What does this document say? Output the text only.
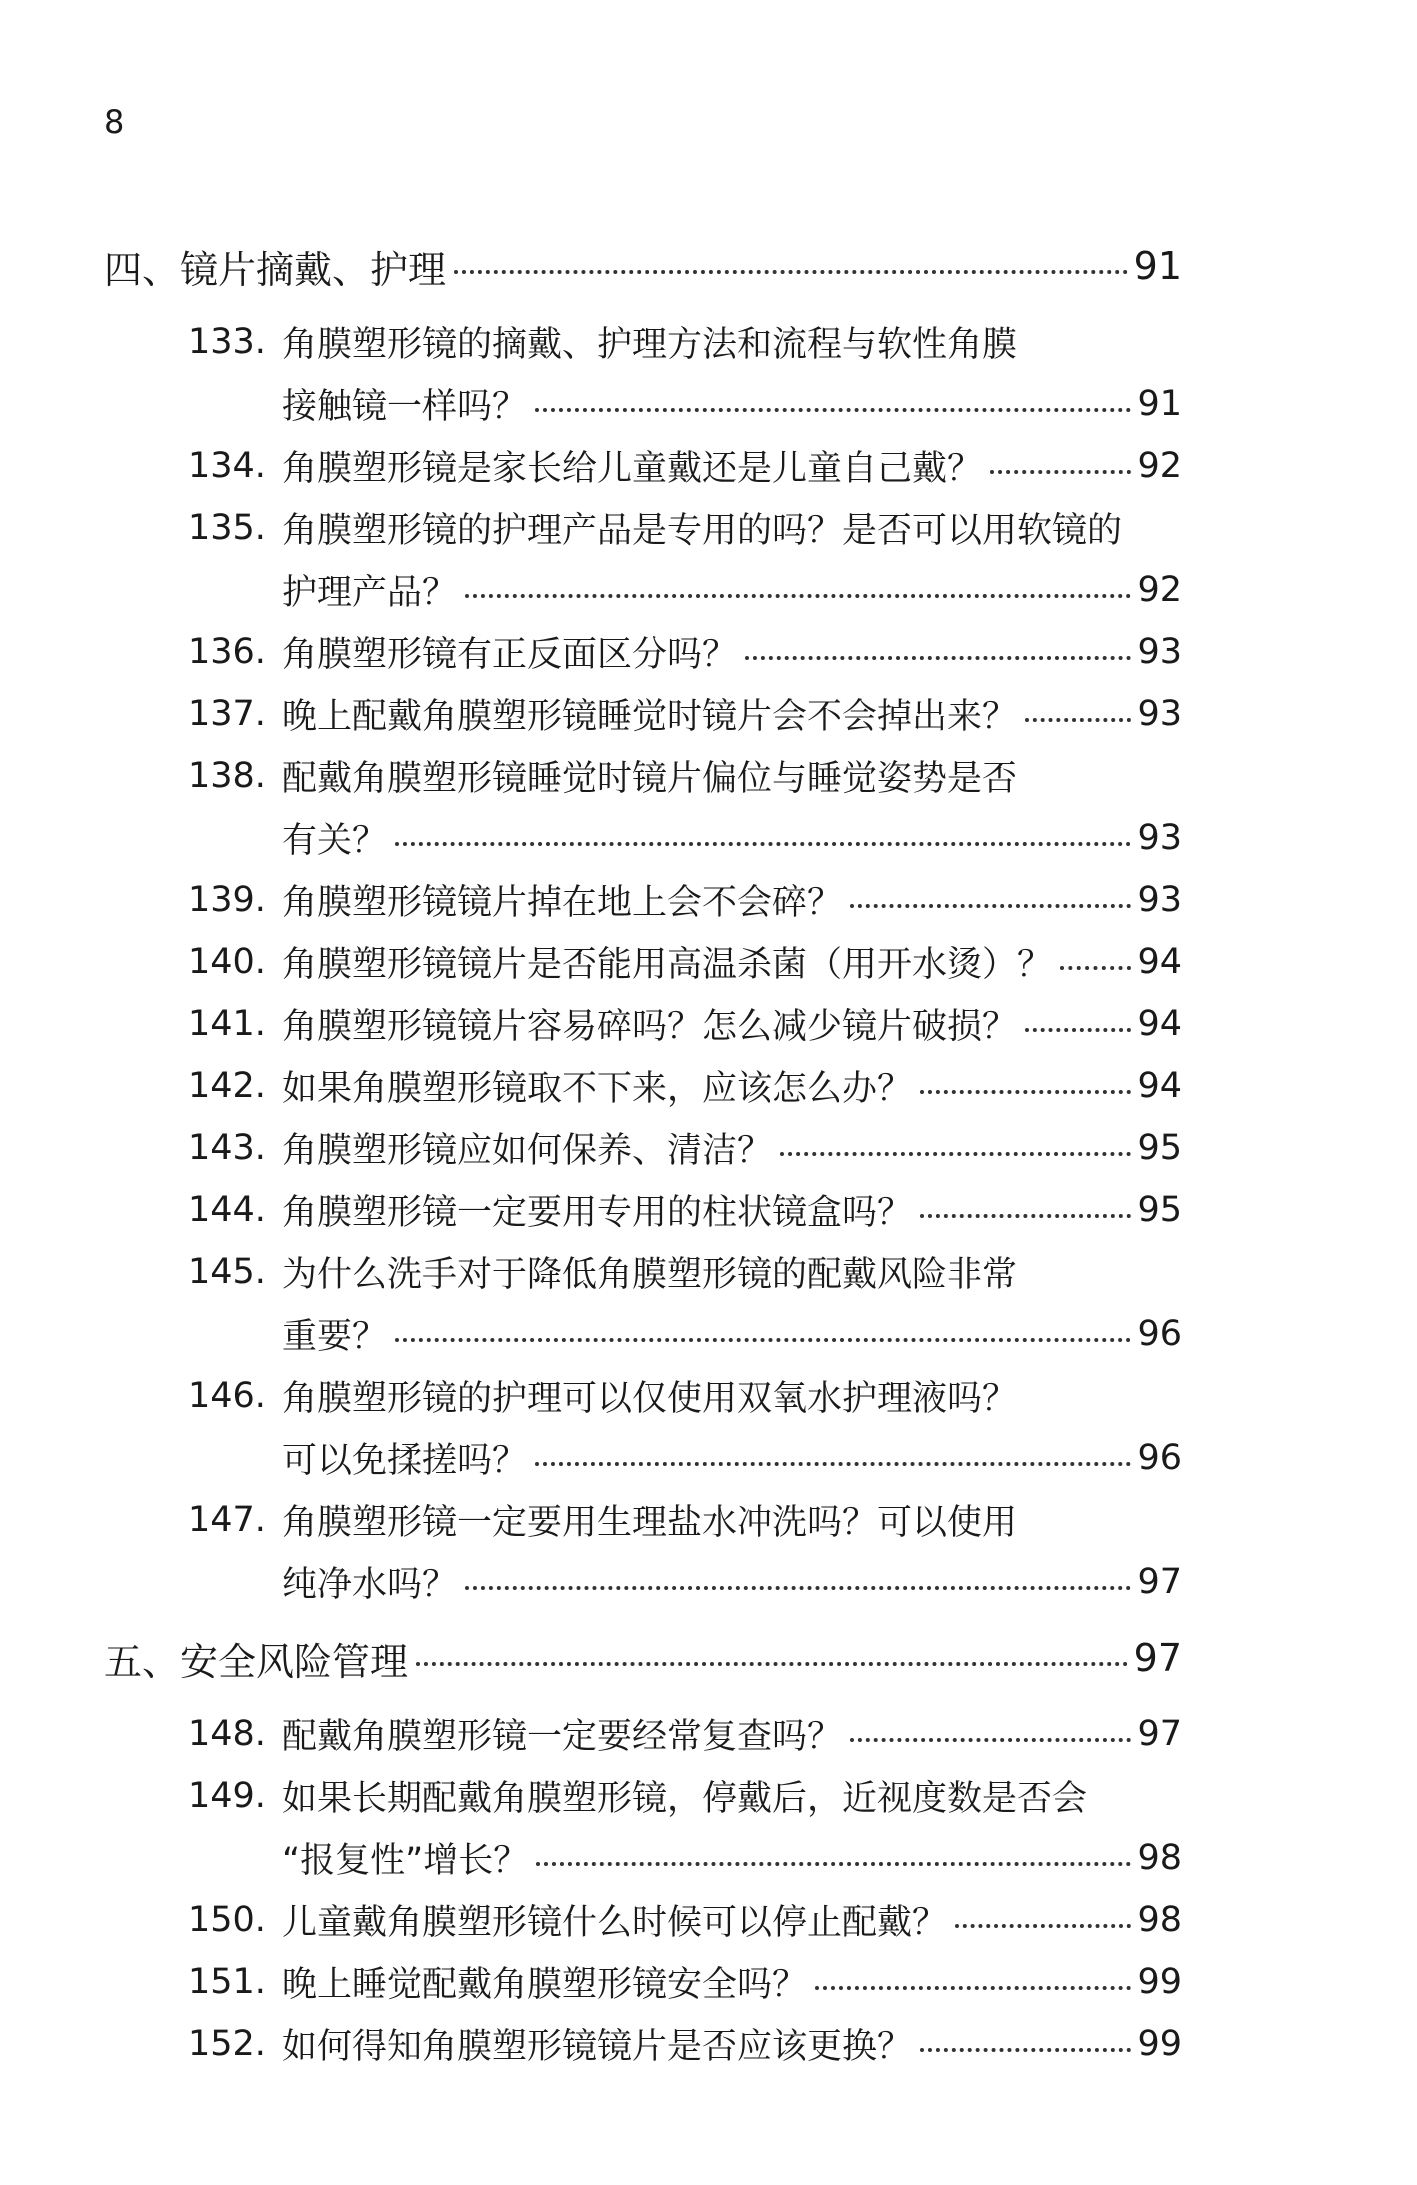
8
四、镜片摘戴、护理	91
133. 角膜塑形镜的摘戴、护理方法和流程与软性角膜
接触镜一样吗？	91
134. 角膜塑形镜是家长给儿童戴还是儿童自己戴？	92
135. 角膜塑形镜的护理产品是专用的吗？是否可以用软镜的
护理产品？	92
136. 角膜塑形镜有正反面区分吗？	93
137. 晚上配戴角膜塑形镜睡觉时镜片会不会掉出来？	93
138. 配戴角膜塑形镜睡觉时镜片偏位与睡觉姿势是否
有关？	93
139. 角膜塑形镜镜片掉在地上会不会碎？	93
140. 角膜塑形镜镜片是否能用高温杀菌（用开水烫）？ 94
141. 角膜塑形镜镜片容易碎吗？怎么减少镜片破损？	94
142. 如果角膜塑形镜取不下来，应该怎么办？	94
143. 角膜塑形镜应如何保养、清洁？	95
144. 角膜塑形镜一定要用专用的柱状镜盒吗？	95
145. 为什么洗手对于降低角膜塑形镜的配戴风险非常
重要？	96
146. 角膜塑形镜的护理可以仅使用双氧水护理液吗？
可以免揉搓吗？	96
147. 角膜塑形镜一定要用生理盐水冲洗吗？可以使用
纯净水吗？	97
五、安全风险管理	97
148. 配戴角膜塑形镜一定要经常复查吗？	97
149. 如果长期配戴角膜塑形镜，停戴后，近视度数是否会
“报复性”增长？	98
150. 儿童戴角膜塑形镜什么时候可以停止配戴？	98
151. 晚上睡觉配戴角膜塑形镜安全吗？	99
152. 如何得知角膜塑形镜镜片是否应该更换？	99
